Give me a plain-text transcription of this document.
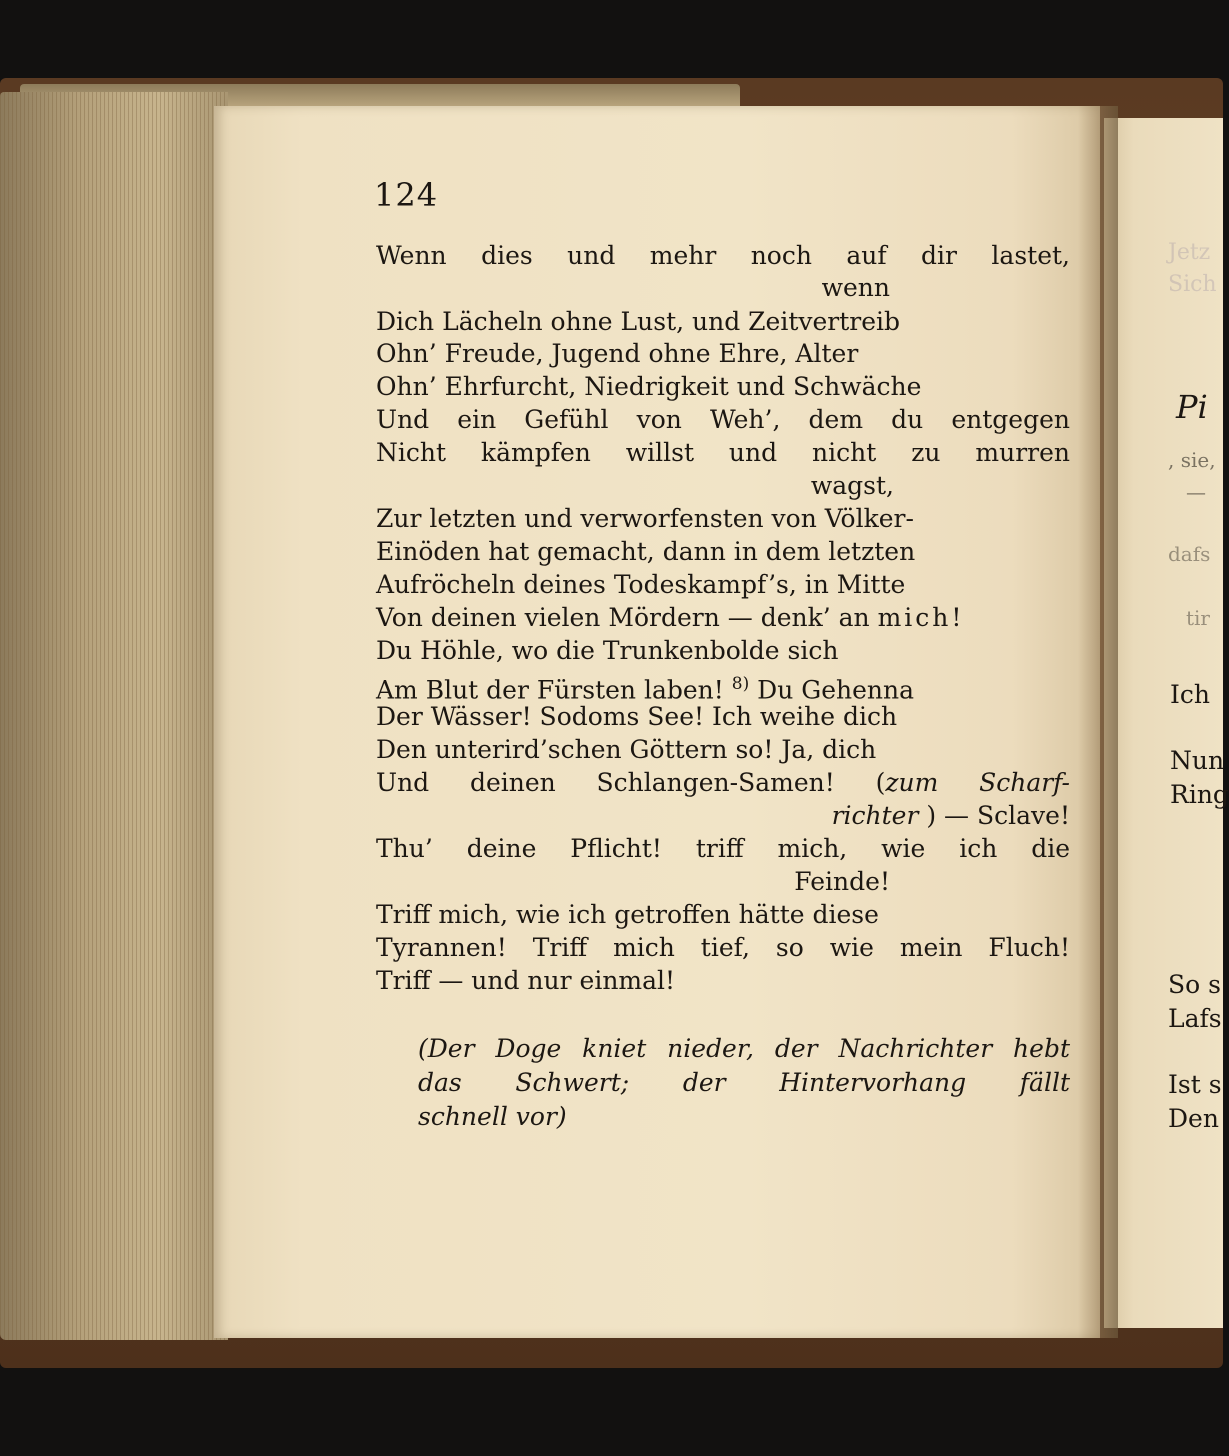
Jetz
Sich
124
Wenn dies und mehr noch auf dir lastet,
wenn
Dich Lächeln ohne Lust, und Zeitvertreib
Ohn’ Freude, Jugend ohne Ehre, Alter
Ohn’ Ehrfurcht, Niedrigkeit und Schwäche
Und ein Gefühl von Weh’, dem du entgegen
Nicht kämpfen willst und nicht zu murren
wagst,
Zur letzten und verworfensten von Völker-
Einöden hat gemacht, dann in dem letzten
Aufröcheln deines Todeskampf’s, in Mitte
Von deinen vielen Mördern — denk’ an mich!
Du Höhle, wo die Trunkenbolde sich
Am Blut der Fürsten laben! $^{8)}$ Du Gehenna
Der Wässer! Sodoms See! Ich weihe dich
Den unterird’schen Göttern so! Ja, dich
Und deinen Schlangen-Samen! (zum Scharf-
richter ) — Sclave!
Thu’ deine Pflicht! triff mich, wie ich die
Feinde!
Triff mich, wie ich getroffen hätte diese
Tyrannen! Triff mich tief, so wie mein Fluch!
Triff — und nur einmal!
(Der Doge kniet nieder, der Nachrichter hebt
das Schwert; der Hintervorhang fällt
schnell vor)
Pi
, sie,
—
dafs
tir
Ich
Nun
Ring
So s
Lafs
Ist s
Den
